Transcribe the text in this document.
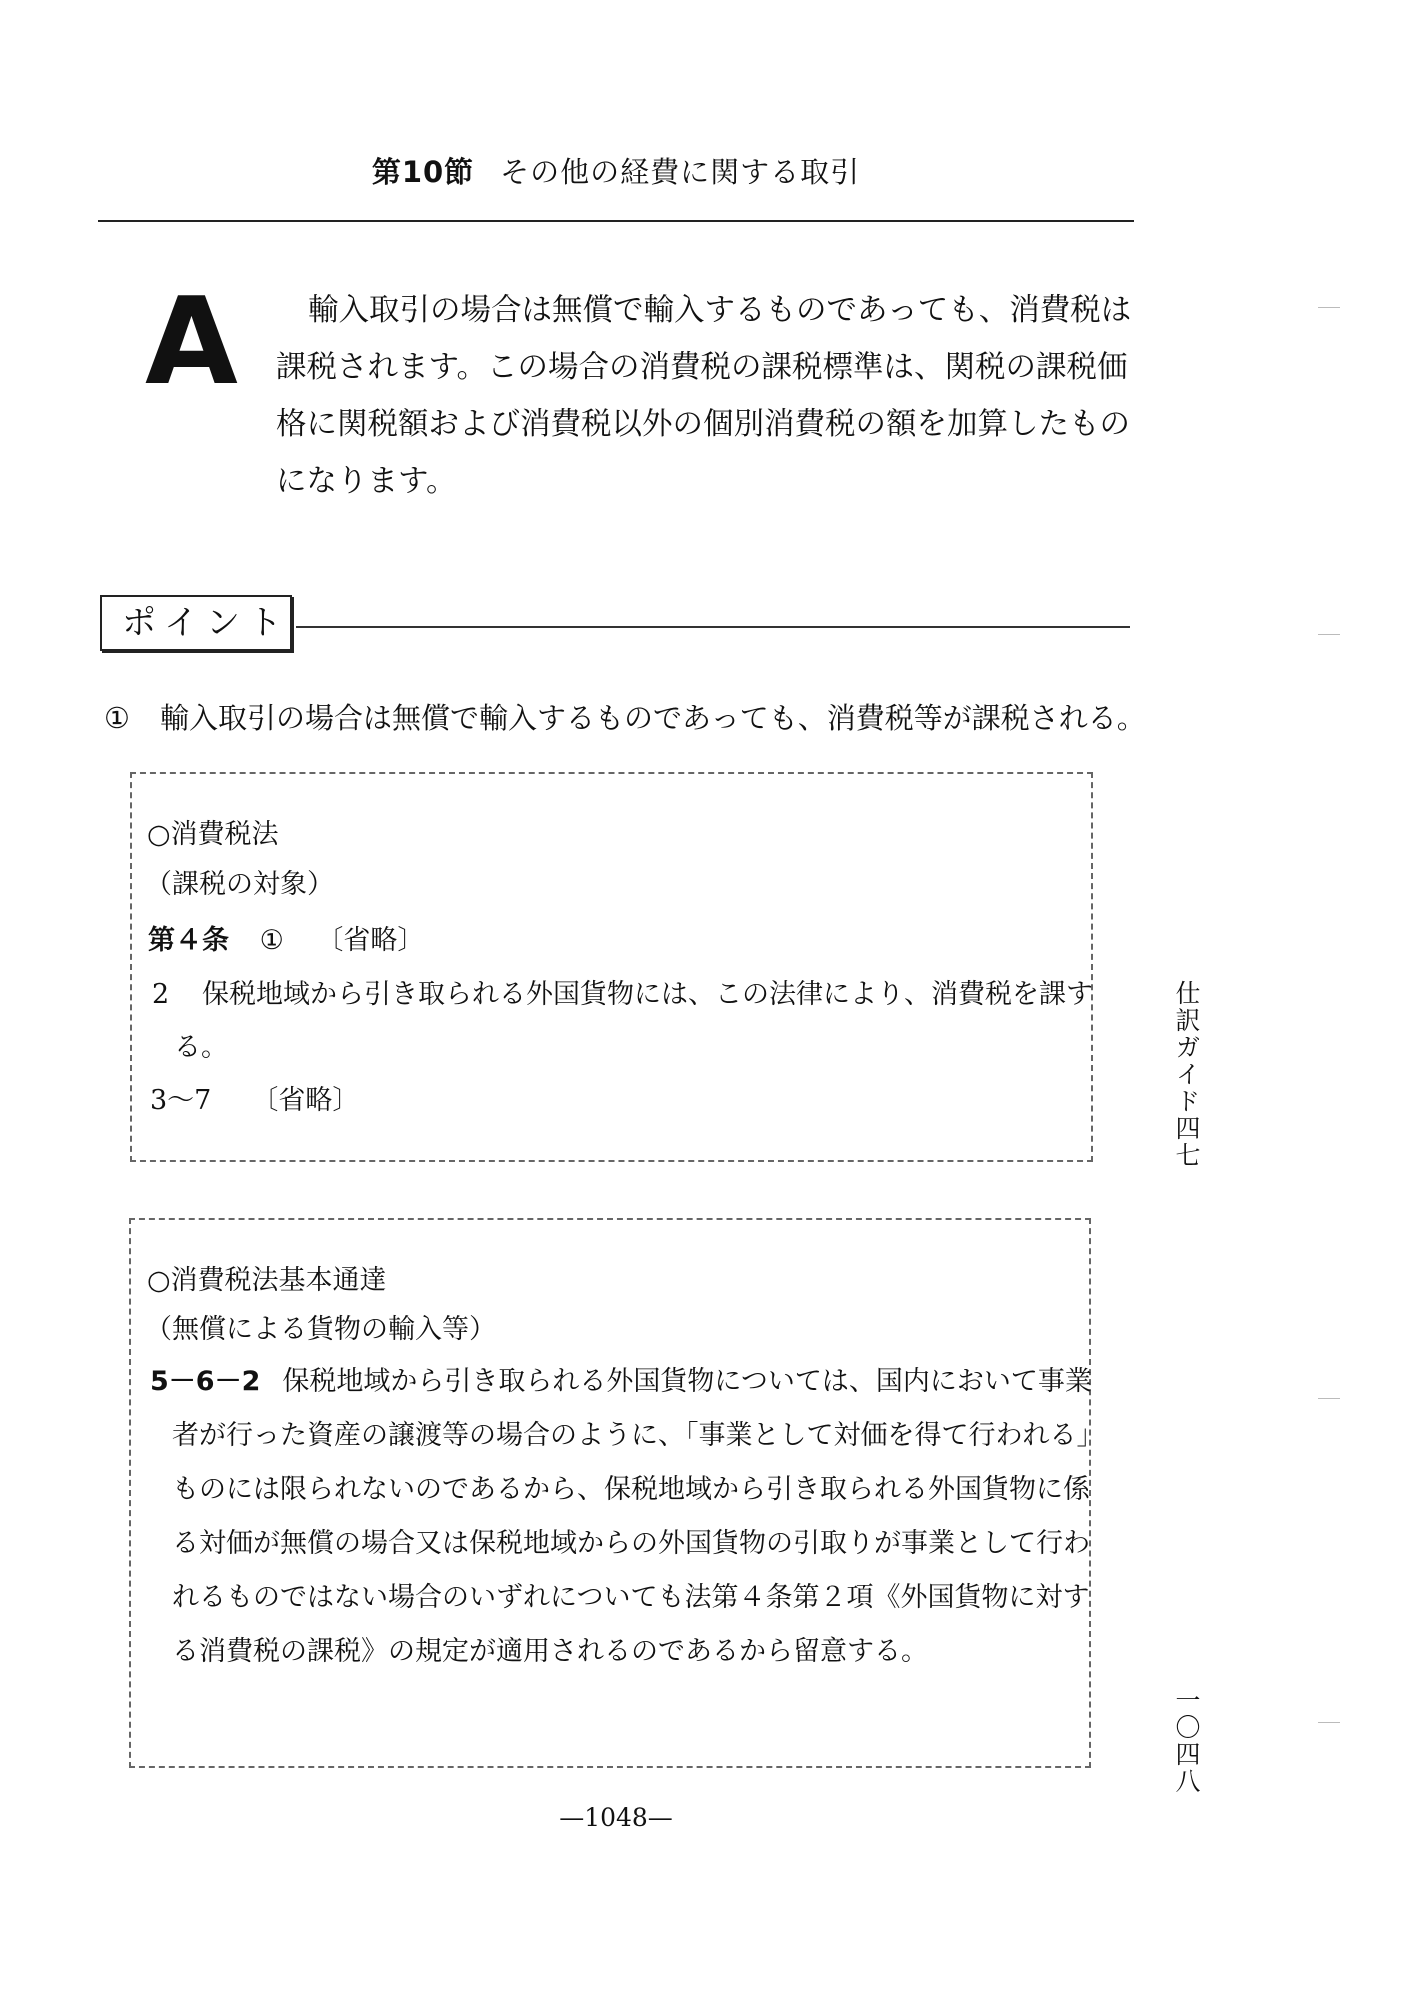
第10節 その他の経費に関する取引
A	輸入取引の場合は無償で輸入するものであっても、消費税は課税されます。この場合の消費税の課税標準は、関税の課税価格に関税額および消費税以外の個別消費税の額を加算したものになります。
ポイント
① 輸入取引の場合は無償で輸入するものであっても、消費税等が課税される。
○消費税法
（課税の対象）
第４条 ① 〔省略〕
2 保税地域から引き取られる外国貨物には、この法律により、消費税を課する。
3～7 〔省略〕
○消費税法基本通達
（無償による貨物の輸入等）
5－6－2 保税地域から引き取られる外国貨物については、国内において事業者が行った資産の譲渡等の場合のように、「事業として対価を得て行われる」ものには限られないのであるから、保税地域から引き取られる外国貨物に係る対価が無償の場合又は保税地域からの外国貨物の引取りが事業として行われるものではない場合のいずれについても法第４条第２項《外国貨物に対する消費税の課税》の規定が適用されるのであるから留意する。
仕訳ガイド四七
一〇四八
—1048—
